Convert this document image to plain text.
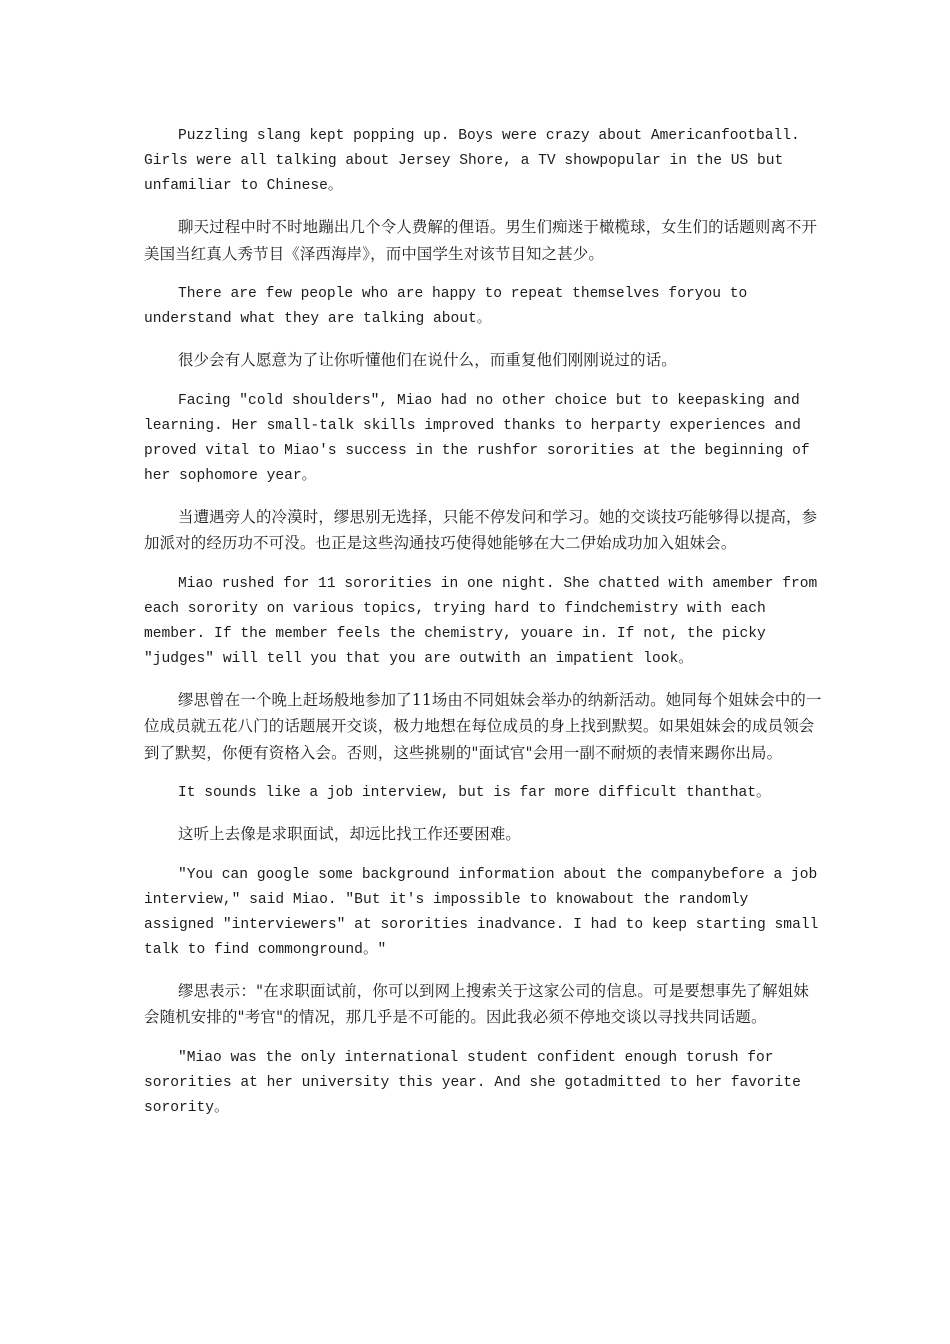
Puzzling slang kept popping up. Boys were crazy about Americanfootball. Girls were all talking about Jersey Shore, a TV showpopular in the US but unfamiliar to Chinese。

聊天过程中时不时地蹦出几个令人费解的俚语。男生们痴迷于橄榄球，女生们的话题则离不开美国当红真人秀节目《泽西海岸》，而中国学生对该节目知之甚少。

There are few people who are happy to repeat themselves foryou to understand what they are talking about。

很少会有人愿意为了让你听懂他们在说什么，而重复他们刚刚说过的话。

Facing "cold shoulders", Miao had no other choice but to keepasking and learning. Her small-talk skills improved thanks to herparty experiences and proved vital to Miao's success in the rushfor sororities at the beginning of her sophomore year。

当遭遇旁人的冷漠时，缪思别无选择，只能不停发问和学习。她的交谈技巧能够得以提高，参加派对的经历功不可没。也正是这些沟通技巧使得她能够在大二伊始成功加入姐妹会。

Miao rushed for 11 sororities in one night. She chatted with amember from each sorority on various topics, trying hard to findchemistry with each member. If the member feels the chemistry, youare in. If not, the picky "judges" will tell you that you are outwith an impatient look。

缪思曾在一个晚上赶场般地参加了11场由不同姐妹会举办的纳新活动。她同每个姐妹会中的一位成员就五花八门的话题展开交谈，极力地想在每位成员的身上找到默契。如果姐妹会的成员领会到了默契，你便有资格入会。否则，这些挑剔的"面试官"会用一副不耐烦的表情来踢你出局。

It sounds like a job interview, but is far more difficult thanthat。

这听上去像是求职面试，却远比找工作还要困难。

"You can google some background information about the companybefore a job interview," said Miao. "But it's impossible to knowabout the randomly assigned "interviewers" at sororities inadvance. I had to keep starting small talk to find commonground。"

缪思表示："在求职面试前，你可以到网上搜索关于这家公司的信息。可是要想事先了解姐妹会随机安排的"考官"的情况，那几乎是不可能的。因此我必须不停地交谈以寻找共同话题。

"Miao was the only international student confident enough torush for sororities at her university this year. And she gotadmitted to her favorite sorority。
